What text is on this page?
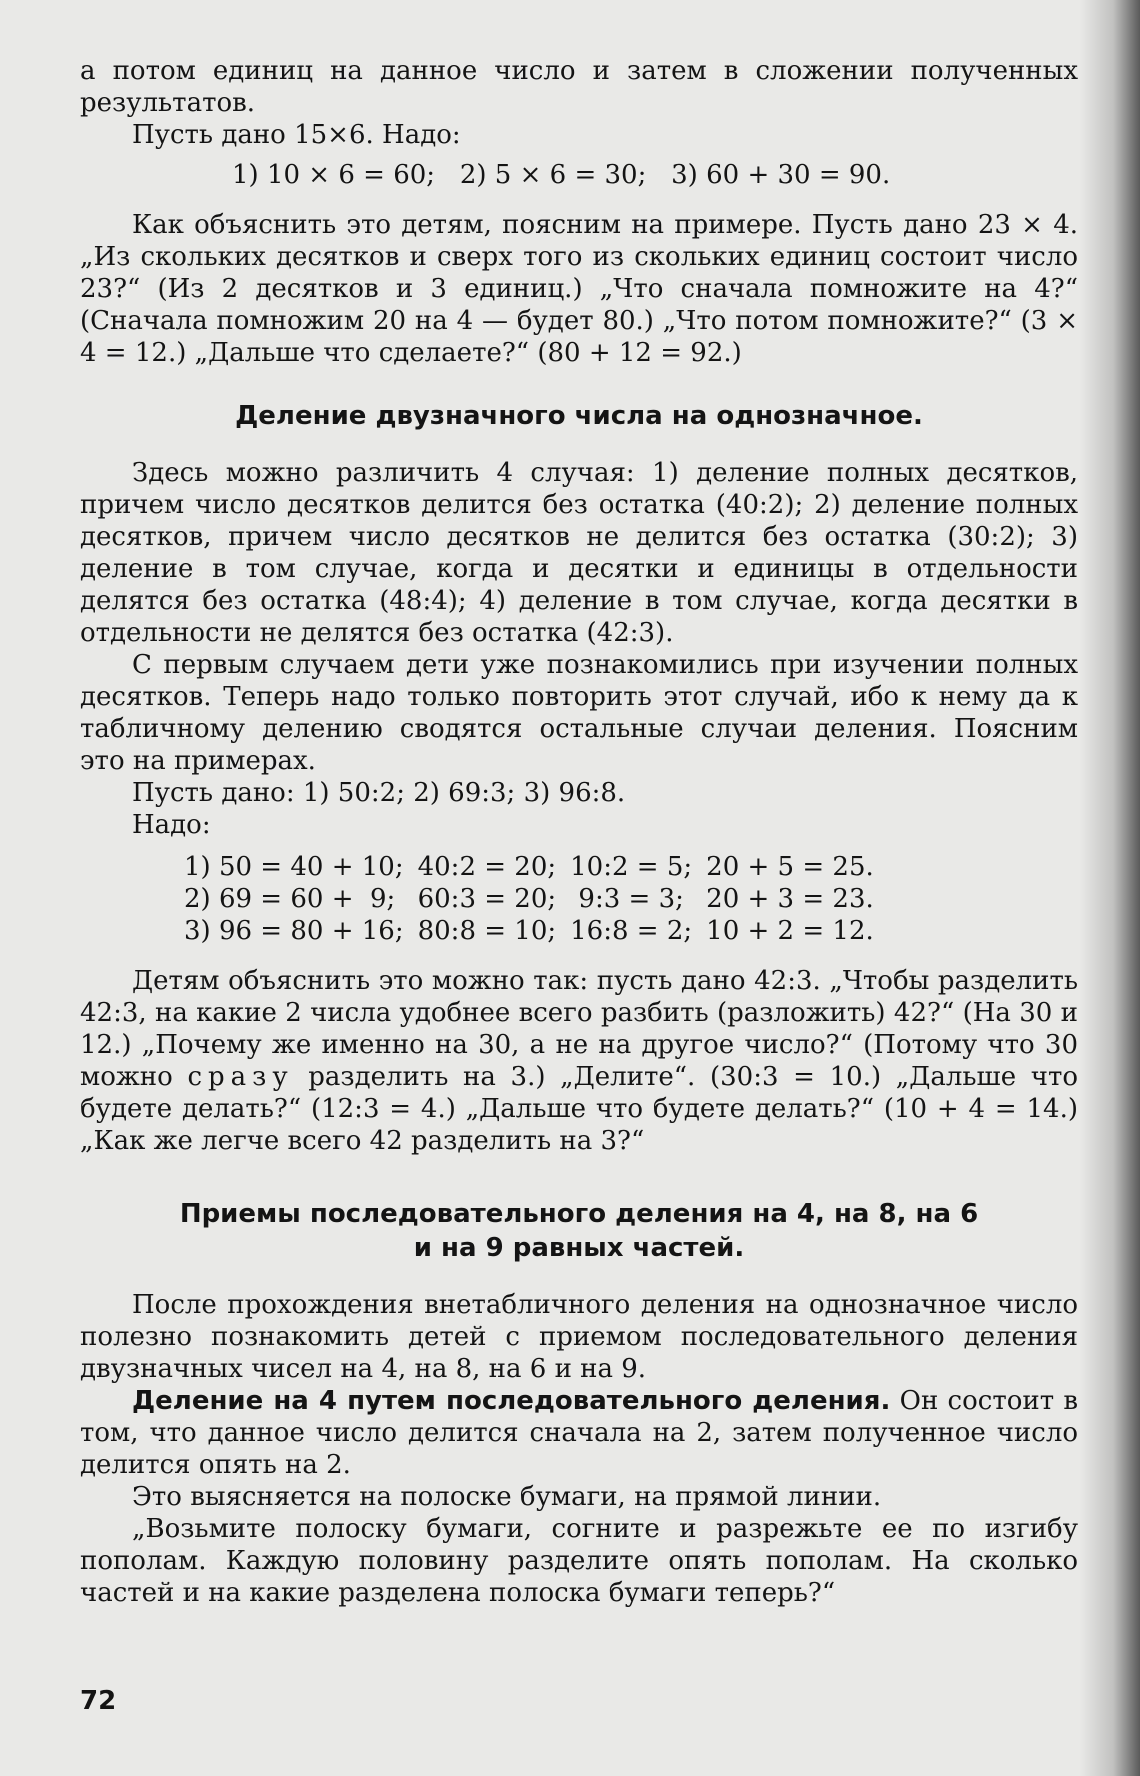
а потом единиц на данное число и затем в сложении полученных результатов.

Пусть дано 15×6. Надо:

1) 10 × 6 = 60;   2) 5 × 6 = 30;   3) 60 + 30 = 90.

Как объяснить это детям, поясним на примере. Пусть дано 23 × 4. „Из скольких десятков и сверх того из скольких единиц состоит число 23?“ (Из 2 десятков и 3 единиц.) „Что сначала помножите на 4?“ (Сначала помножим 20 на 4 — будет 80.) „Что потом помножите?“ (3 × 4 = 12.) „Дальше что сделаете?“ (80 + 12 = 92.)

Деление двузначного числа на однозначное.

Здесь можно различить 4 случая: 1) деление полных десятков, причем число десятков делится без остатка (40:2); 2) деление полных десятков, причем число десятков не делится без остатка (30:2); 3) деление в том случае, когда и десятки и единицы в отдельности делятся без остатка (48:4); 4) деление в том случае, когда десятки в отдельности не делятся без остатка (42:3).

С первым случаем дети уже познакомились при изучении полных десятков. Теперь надо только повторить этот случай, ибо к нему да к табличному делению сводятся остальные случаи деления. Поясним это на примерах.

Пусть дано: 1) 50:2; 2) 69:3; 3) 96:8.

Надо:

1) 50 = 40 + 10;	40:2 = 20;	10:2 = 5;	20 + 5 = 25.
2) 69 = 60 +  9;	60:3 = 20;	9:3 = 3;	20 + 3 = 23.
3) 96 = 80 + 16;	80:8 = 10;	16:8 = 2;	10 + 2 = 12.

Детям объяснить это можно так: пусть дано 42:3. „Чтобы разделить 42:3, на какие 2 числа удобнее всего разбить (разложить) 42?“ (На 30 и 12.) „Почему же именно на 30, а не на другое число?“ (Потому что 30 можно сразу разделить на 3.) „Делите“. (30:3 = 10.) „Дальше что будете делать?“ (12:3 = 4.) „Дальше что будете делать?“ (10 + 4 = 14.) „Как же легче всего 42 разделить на 3?“

Приемы последовательного деления на 4, на 8, на 6
и на 9 равных частей.

После прохождения внетабличного деления на однозначное число полезно познакомить детей с приемом последовательного деления двузначных чисел на 4, на 8, на 6 и на 9.

Деление на 4 путем последовательного деления. Он состоит в том, что данное число делится сначала на 2, затем полученное число делится опять на 2.

Это выясняется на полоске бумаги, на прямой линии.

„Возьмите полоску бумаги, согните и разрежьте ее по изгибу пополам. Каждую половину разделите опять пополам. На сколько частей и на какие разделена полоска бумаги теперь?“

72
